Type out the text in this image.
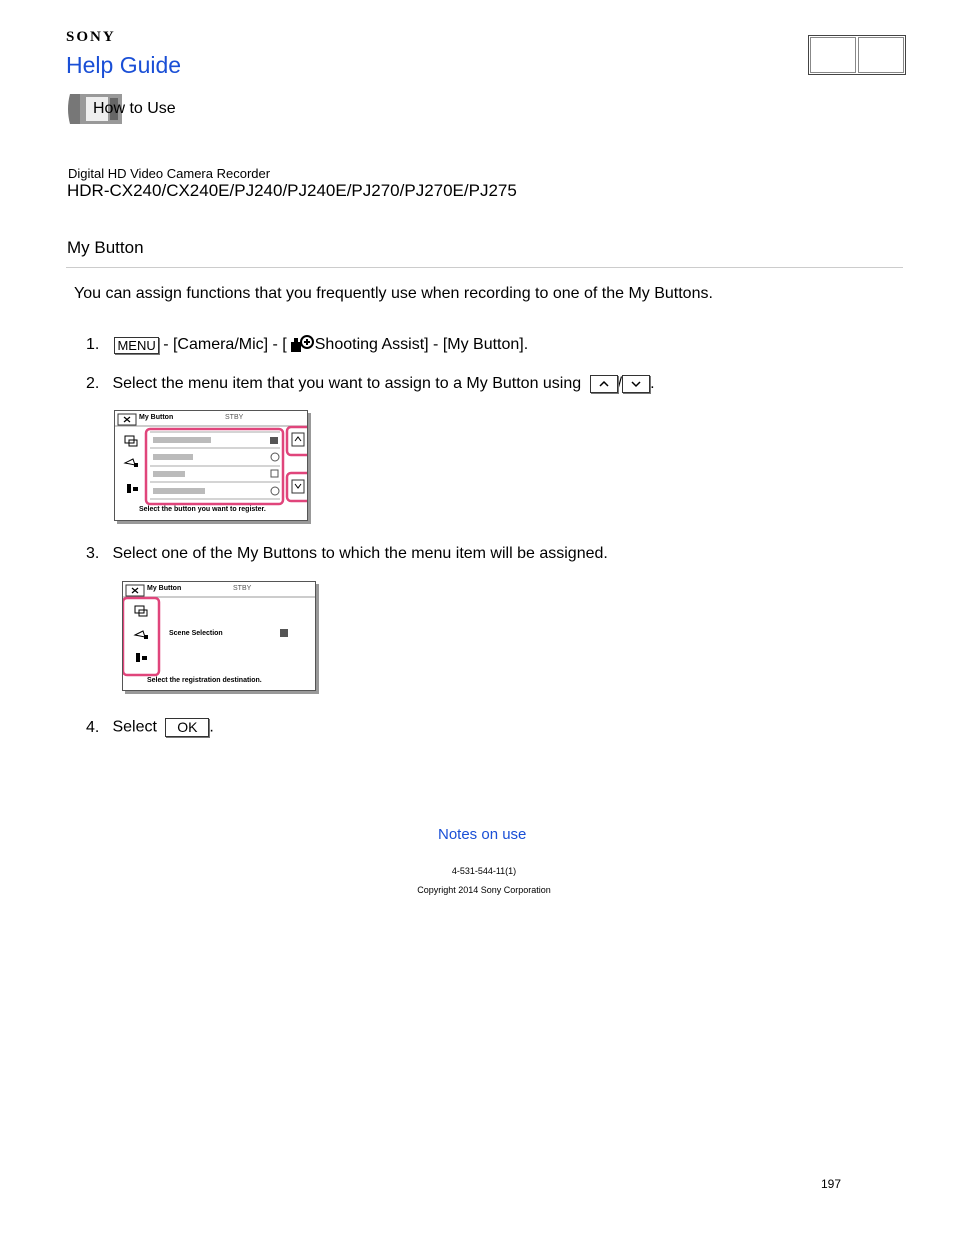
SONY
Help Guide
How to Use
Digital HD Video Camera Recorder
HDR-CX240/CX240E/PJ240/PJ240E/PJ270/PJ270E/PJ275
My Button
You can assign functions that you frequently use when recording to one of the My Buttons.
1. MENU - [Camera/Mic] - [ Shooting Assist] - [My Button].
2. Select the menu item that you want to assign to a My Button using / .
My Button	STBY
Select the button you want to register.
3. Select one of the My Buttons to which the menu item will be assigned.
My Button	STBY
Scene Selection
Select the registration destination.
4. Select OK .
Notes on use
4-531-544-11(1)
Copyright 2014 Sony Corporation
197
